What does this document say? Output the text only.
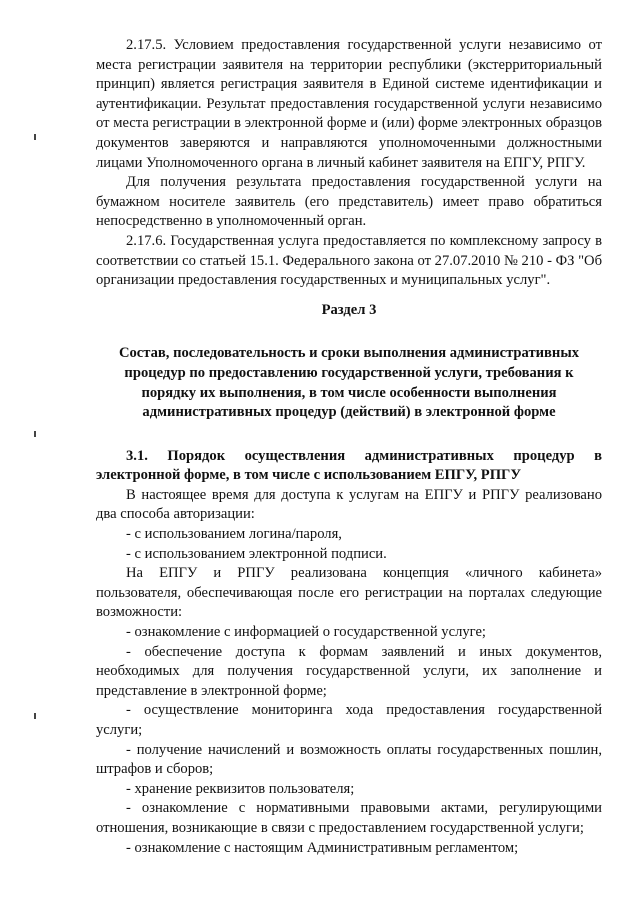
2.17.5. Условием предоставления государственной услуги независимо от места регистрации заявителя на территории республики (экстерриториальный принцип) является регистрация заявителя в Единой системе идентификации и аутентификации. Результат предоставления государственной услуги независимо от места регистрации в электронной форме и (или) форме электронных образцов документов заверяются и направляются уполномоченными должностными лицами Уполномоченного органа в личный кабинет заявителя на ЕПГУ, РПГУ.

Для получения результата предоставления государственной услуги на бумажном носителе заявитель (его представитель) имеет право обратиться непосредственно в уполномоченный орган.

2.17.6. Государственная услуга предоставляется по комплексному запросу в соответствии со статьей 15.1. Федерального закона от 27.07.2010 № 210 - ФЗ "Об организации предоставления государственных и муниципальных услуг".

Раздел 3

Состав, последовательность и сроки выполнения административных процедур по предоставлению государственной услуги, требования к порядку их выполнения, в том числе особенности выполнения административных процедур (действий) в электронной форме

3.1. Порядок осуществления административных процедур в электронной форме, в том числе с использованием ЕПГУ, РПГУ

В настоящее время для доступа к услугам на ЕПГУ и РПГУ реализовано два способа авторизации:

- с использованием логина/пароля,

- с использованием электронной подписи.

На ЕПГУ и РПГУ реализована концепция «личного кабинета» пользователя, обеспечивающая после его регистрации на порталах следующие возможности:

- ознакомление с информацией о государственной услуге;

- обеспечение доступа к формам заявлений и иных документов, необходимых для получения государственной услуги, их заполнение и представление в электронной форме;

- осуществление мониторинга хода предоставления государственной услуги;

- получение начислений и возможность оплаты государственных пошлин, штрафов и сборов;

- хранение реквизитов пользователя;

- ознакомление с нормативными правовыми актами, регулирующими отношения, возникающие в связи с предоставлением государственной услуги;

- ознакомление с настоящим Административным регламентом;
